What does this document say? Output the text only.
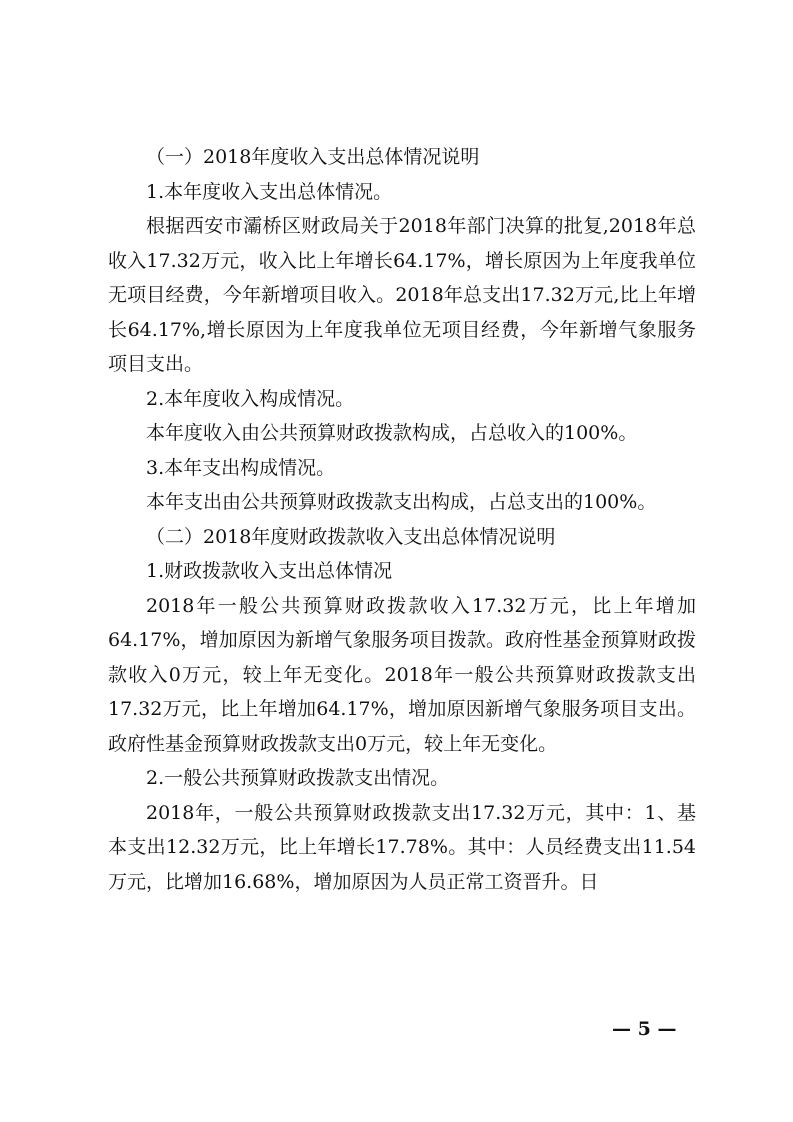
（一）2018年度收入支出总体情况说明

1.本年度收入支出总体情况。

根据西安市灞桥区财政局关于2018年部门决算的批复,2018年总收入17.32万元，收入比上年增长64.17%，增长原因为上年度我单位无项目经费，今年新增项目收入。2018年总支出17.32万元,比上年增长64.17%,增长原因为上年度我单位无项目经费，今年新增气象服务项目支出。

2.本年度收入构成情况。

本年度收入由公共预算财政拨款构成，占总收入的100%。

3.本年支出构成情况。

本年支出由公共预算财政拨款支出构成，占总支出的100%。

（二）2018年度财政拨款收入支出总体情况说明

1.财政拨款收入支出总体情况

2018年一般公共预算财政拨款收入17.32万元，比上年增加64.17%，增加原因为新增气象服务项目拨款。政府性基金预算财政拨款收入0万元，较上年无变化。2018年一般公共预算财政拨款支出17.32万元，比上年增加64.17%，增加原因新增气象服务项目支出。政府性基金预算财政拨款支出0万元，较上年无变化。

2.一般公共预算财政拨款支出情况。

2018年，一般公共预算财政拨款支出17.32万元，其中：1、基本支出12.32万元，比上年增长17.78%。其中：人员经费支出11.54万元，比增加16.68%，增加原因为人员正常工资晋升。日

— 5 —
